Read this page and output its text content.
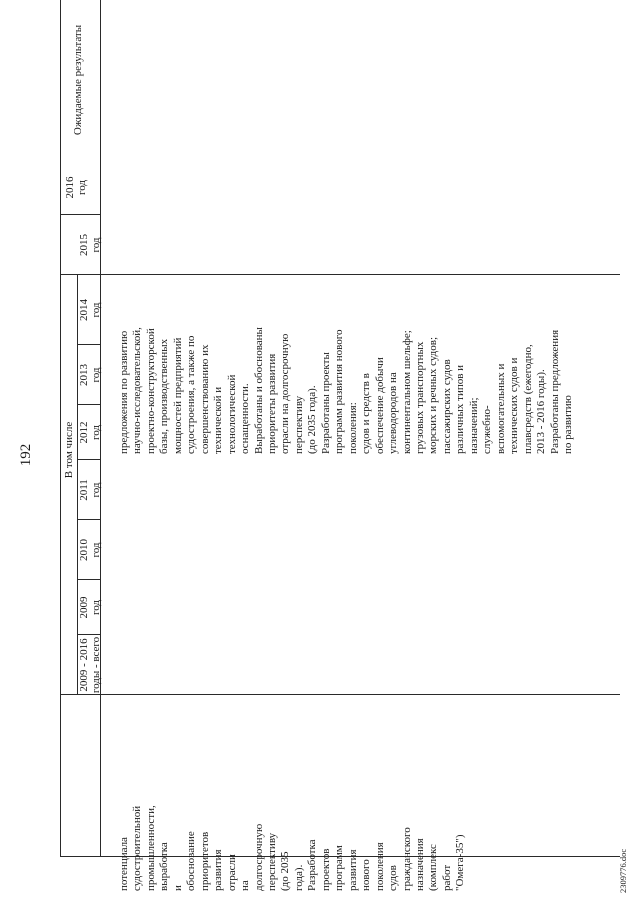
192
2009 - 2016 годы - всего
В том числе
2009 год
2010 год
2011 год
2012 год
2013 год
2014 год
2015 год
2016 год
Ожидаемые результаты
потенциала судостроительной промышленности, выработка и обоснование приоритетов развития отрасли на долгосрочную перспективу (до 2035 года). Разработка проектов программ развития нового поколения судов гражданского назначения (комплекс работ "Омега-35")
предложения по развитию научно-исследовательской, проектно-конструкторской базы, производственных мощностей предприятий судостроения, а также по совершенствованию их технической и технологической оснащенности. Выработаны и обоснованы приоритеты развития отрасли на долгосрочную перспективу (до 2035 года). Разработаны проекты программ развития нового поколения: судов и средств в обеспечение добычи углеводородов на континентальном шельфе; грузовых транспортных морских и речных судов; пассажирских судов различных типов и назначений; служебно- вспомогательных и технических судов и плавсредств (ежегодно, 2013 - 2016 годы). Разработаны предложения по развитию
2309776.doc
